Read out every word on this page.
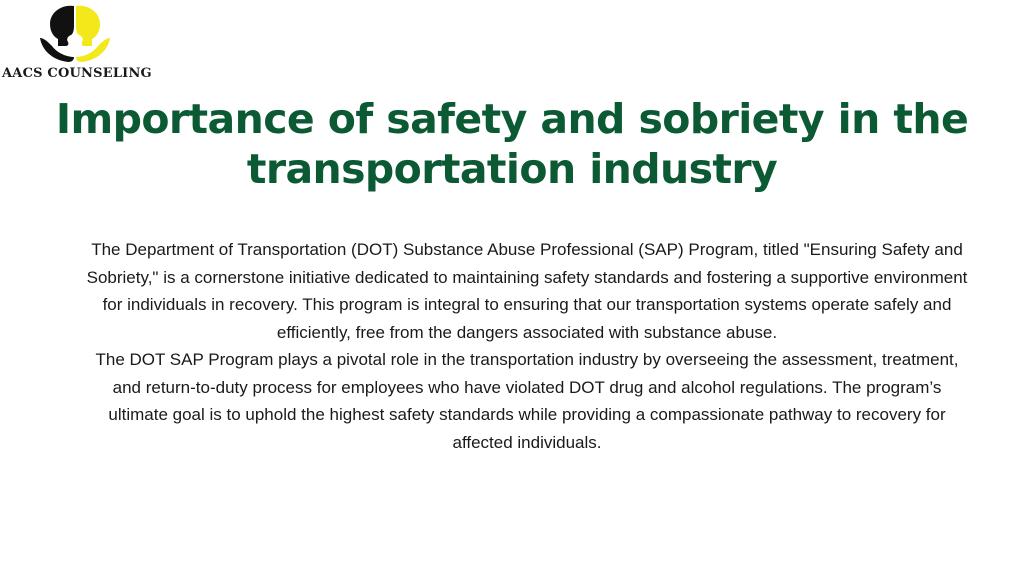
AACS COUNSELING
Importance of safety and sobriety in the transportation industry

The Department of Transportation (DOT) Substance Abuse Professional (SAP) Program, titled "Ensuring Safety and Sobriety," is a cornerstone initiative dedicated to maintaining safety standards and fostering a supportive environment for individuals in recovery. This program is integral to ensuring that our transportation systems operate safely and efficiently, free from the dangers associated with substance abuse.

The DOT SAP Program plays a pivotal role in the transportation industry by overseeing the assessment, treatment, and return-to-duty process for employees who have violated DOT drug and alcohol regulations. The program’s ultimate goal is to uphold the highest safety standards while providing a compassionate pathway to recovery for affected individuals.
